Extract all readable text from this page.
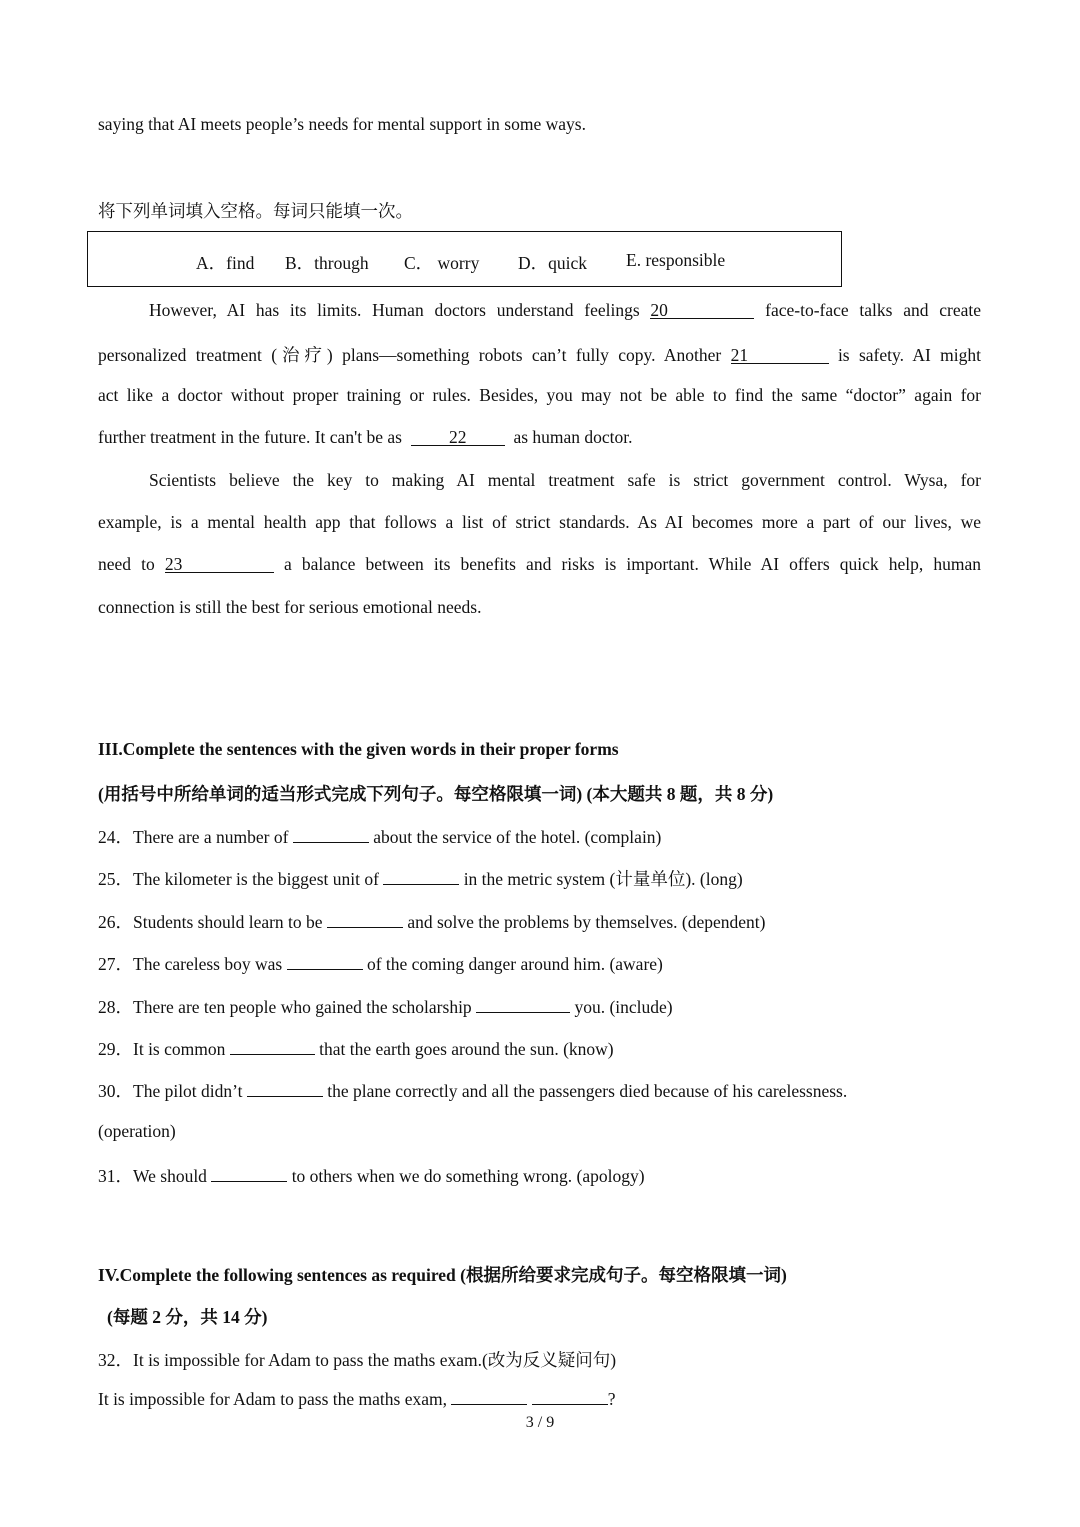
saying that AI meets people’s needs for mental support in some ways.
将下列单词填入空格。每词只能填一次。
A．find B．through C． worry D．quick E. responsible
However, AI has its limits. Human doctors understand feelings 20	face-to-face talks and create
personalized treatment (治疗) plans—something robots can’t fully copy. Another 21	is safety. AI might
act like a doctor without proper training or rules. Besides, you may not be able to find the same “doctor” again for
further treatment in the future. It can't be as	22	as human doctor.
Scientists believe the key to making AI mental treatment safe is strict government control. Wysa, for
example, is a mental health app that follows a list of strict standards. As AI becomes more a part of our lives, we
need to 23	a balance between its benefits and risks is important. While AI offers quick help, human
connection is still the best for serious emotional needs.
III.Complete the sentences with the given words in their proper forms
(用括号中所给单词的适当形式完成下列句子。每空格限填一词) (本大题共 8 题，共 8 分)
24．There are a number of	about the service of the hotel. (complain)
25．The kilometer is the biggest unit of	in the metric system (计量单位). (long)
26．Students should learn to be	and solve the problems by themselves. (dependent)
27．The careless boy was	of the coming danger around him. (aware)
28．There are ten people who gained the scholarship	you. (include)
29．It is common	that the earth goes around the sun. (know)
30．The pilot didn’t	the plane correctly and all the passengers died because of his carelessness.
(operation)
31．We should	to others when we do something wrong. (apology)
IV.Complete the following sentences as required (根据所给要求完成句子。每空格限填一词)
(每题 2 分，共 14 分)
32．It is impossible for Adam to pass the maths exam.(改为反义疑问句)
It is impossible for Adam to pass the maths exam,	?
3 / 9
